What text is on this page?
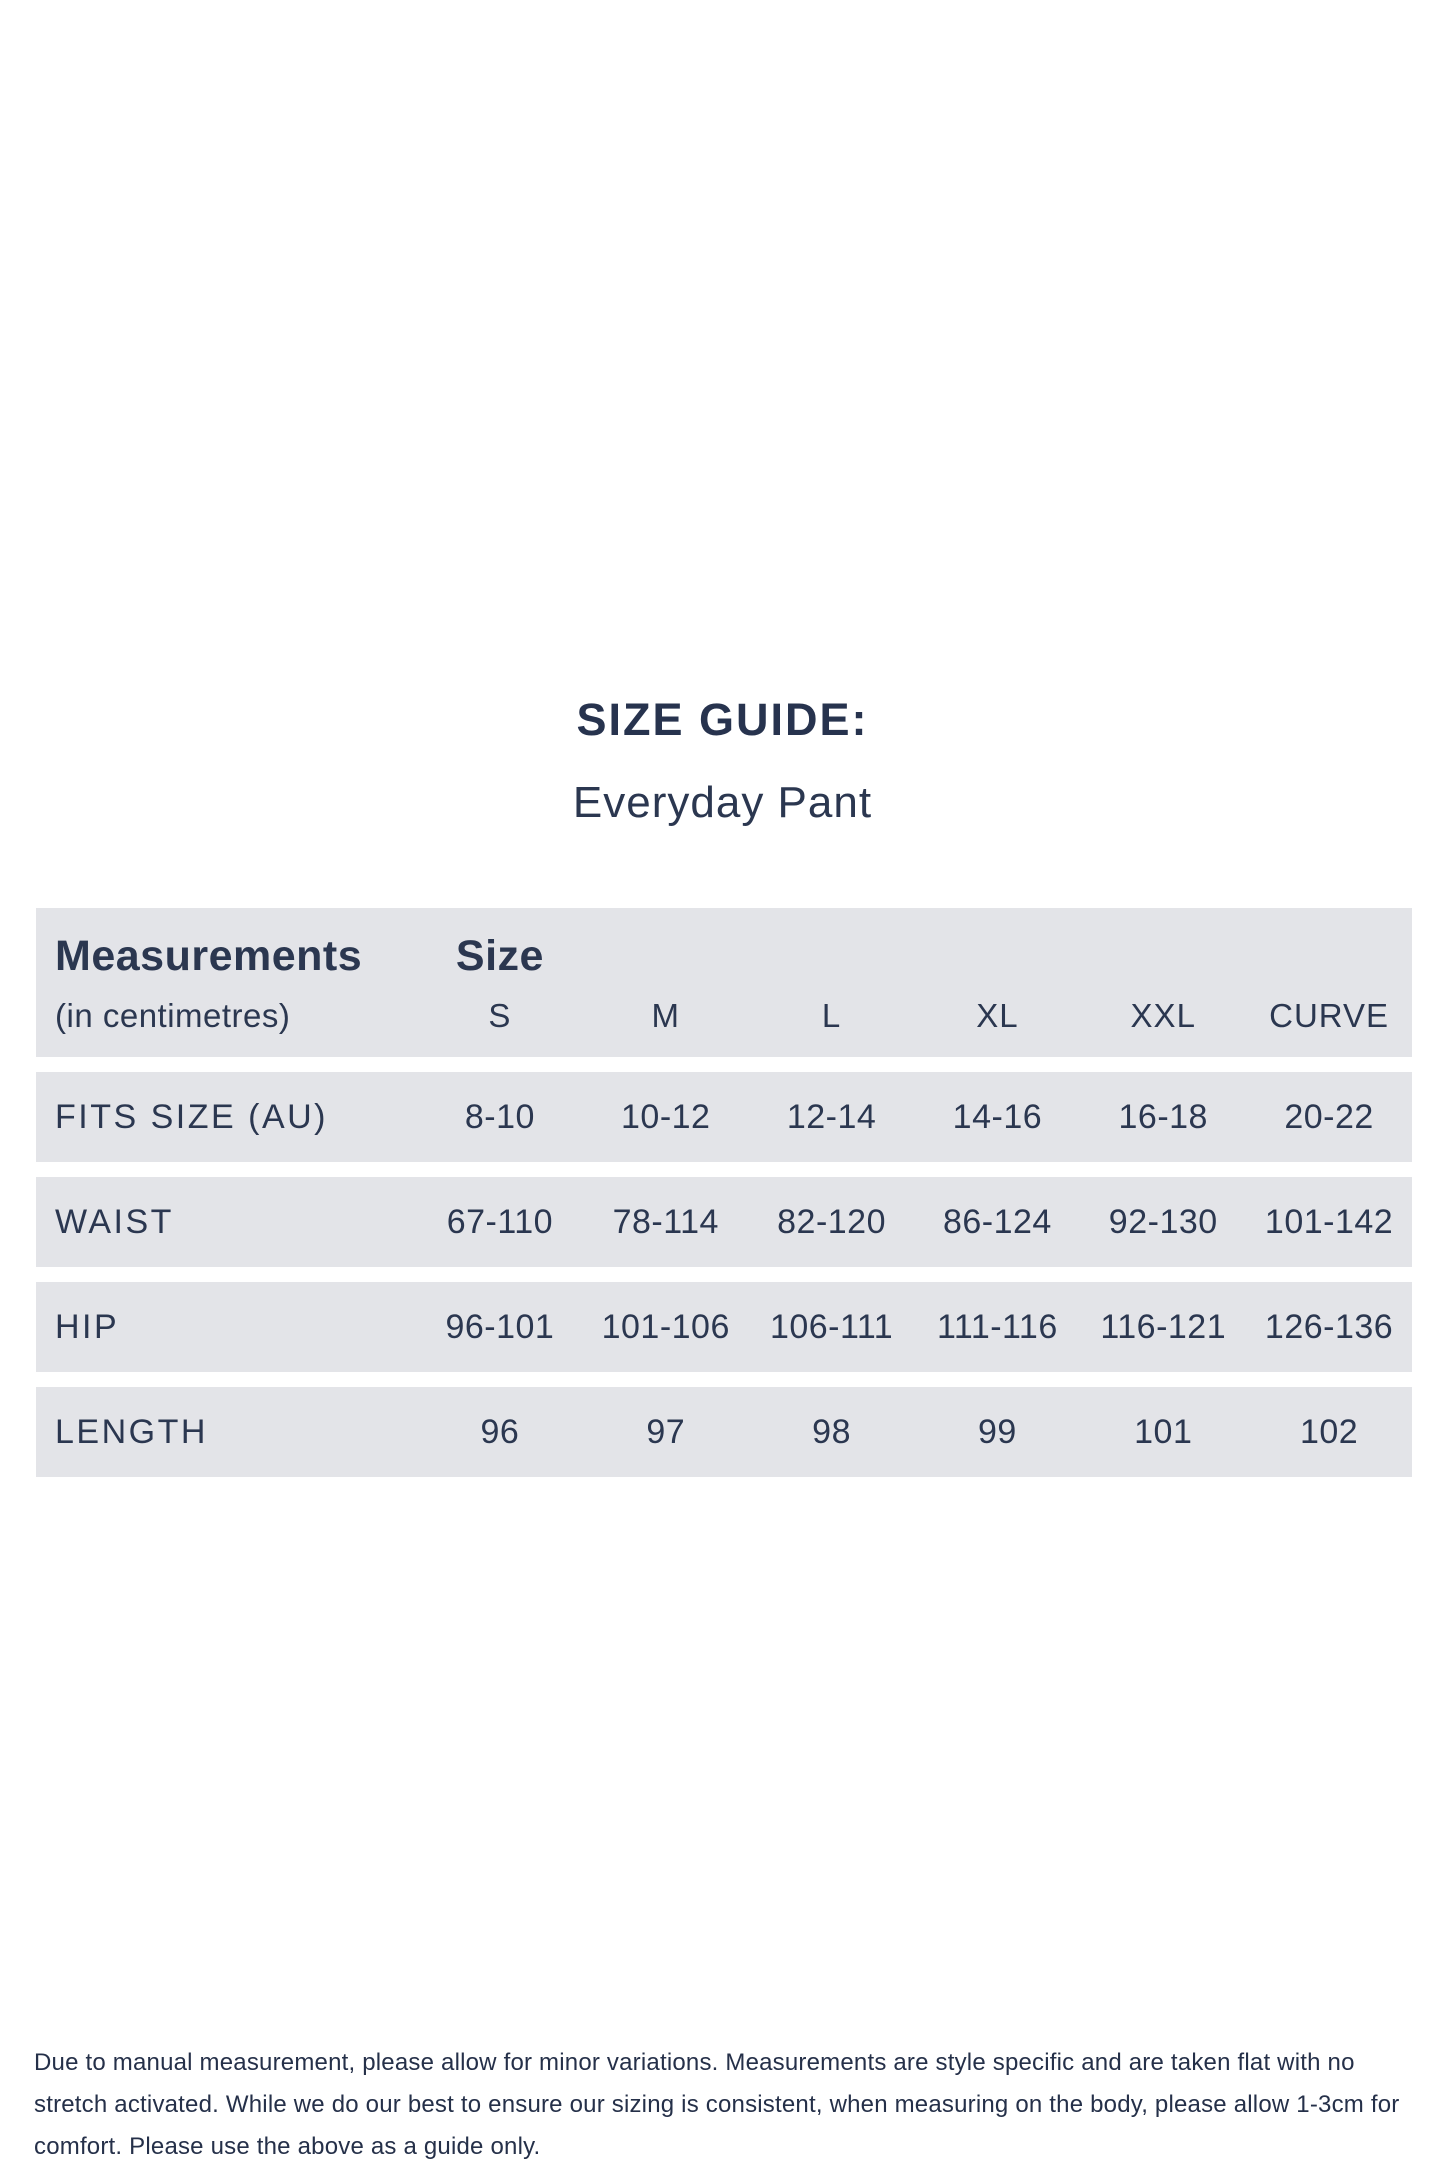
SIZE GUIDE:
Everyday Pant
Measurements	Size
(in centimetres)	S	M	L	XL	XXL	CURVE
FITS SIZE (AU)	8-10	10-12	12-14	14-16	16-18	20-22
WAIST	67-110	78-114	82-120	86-124	92-130	101-142
HIP	96-101	101-106	106-111	111-116	116-121	126-136
LENGTH	96	97	98	99	101	102
Due to manual measurement, please allow for minor variations. Measurements are style specific and are taken flat with no stretch activated. While we do our best to ensure our sizing is consistent, when measuring on the body, please allow 1-3cm for comfort. Please use the above as a guide only.
